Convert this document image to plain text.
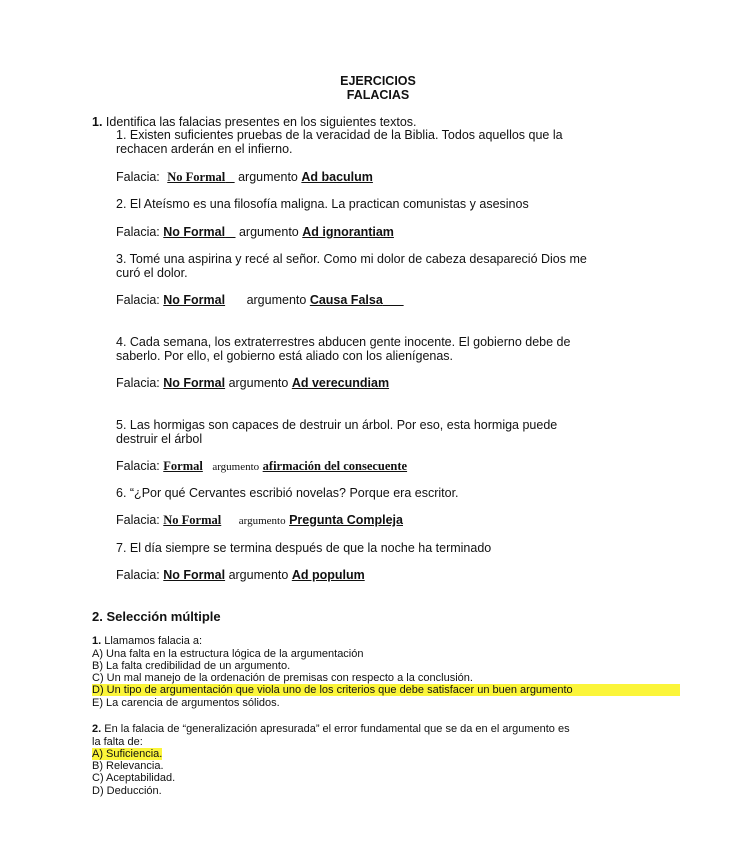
EJERCICIOS
FALACIAS
1. Identifica las falacias presentes en los siguientes textos.
1. Existen suficientes pruebas de la veracidad de la Biblia. Todos aquellos que la
rechacen arderán en el infierno.
Falacia: No Formal argumento Ad baculum
2. El Ateísmo es una filosofía maligna. La practican comunistas y asesinos
Falacia: No Formal argumento Ad ignorantiam
3. Tomé una aspirina y recé al señor. Como mi dolor de cabeza desapareció Dios me
curó el dolor.
Falacia: No Formal argumento Causa Falsa
4. Cada semana, los extraterrestres abducen gente inocente. El gobierno debe de
saberlo. Por ello, el gobierno está aliado con los alienígenas.
Falacia: No Formal argumento Ad verecundiam
5. Las hormigas son capaces de destruir un árbol. Por eso, esta hormiga puede
destruir el árbol
Falacia: Formal argumento afirmación del consecuente
6. “¿Por qué Cervantes escribió novelas? Porque era escritor.
Falacia: No Formal argumento Pregunta Compleja
7. El día siempre se termina después de que la noche ha terminado
Falacia: No Formal argumento Ad populum
2. Selección múltiple
1. Llamamos falacia a:
A) Una falta en la estructura lógica de la argumentación
B) La falta credibilidad de un argumento.
C) Un mal manejo de la ordenación de premisas con respecto a la conclusión.
D) Un tipo de argumentación que viola uno de los criterios que debe satisfacer un buen argumento
E) La carencia de argumentos sólidos.
2. En la falacia de “generalización apresurada” el error fundamental que se da en el argumento es
la falta de:
A) Suficiencia.
B) Relevancia.
C) Aceptabilidad.
D) Deducción.
